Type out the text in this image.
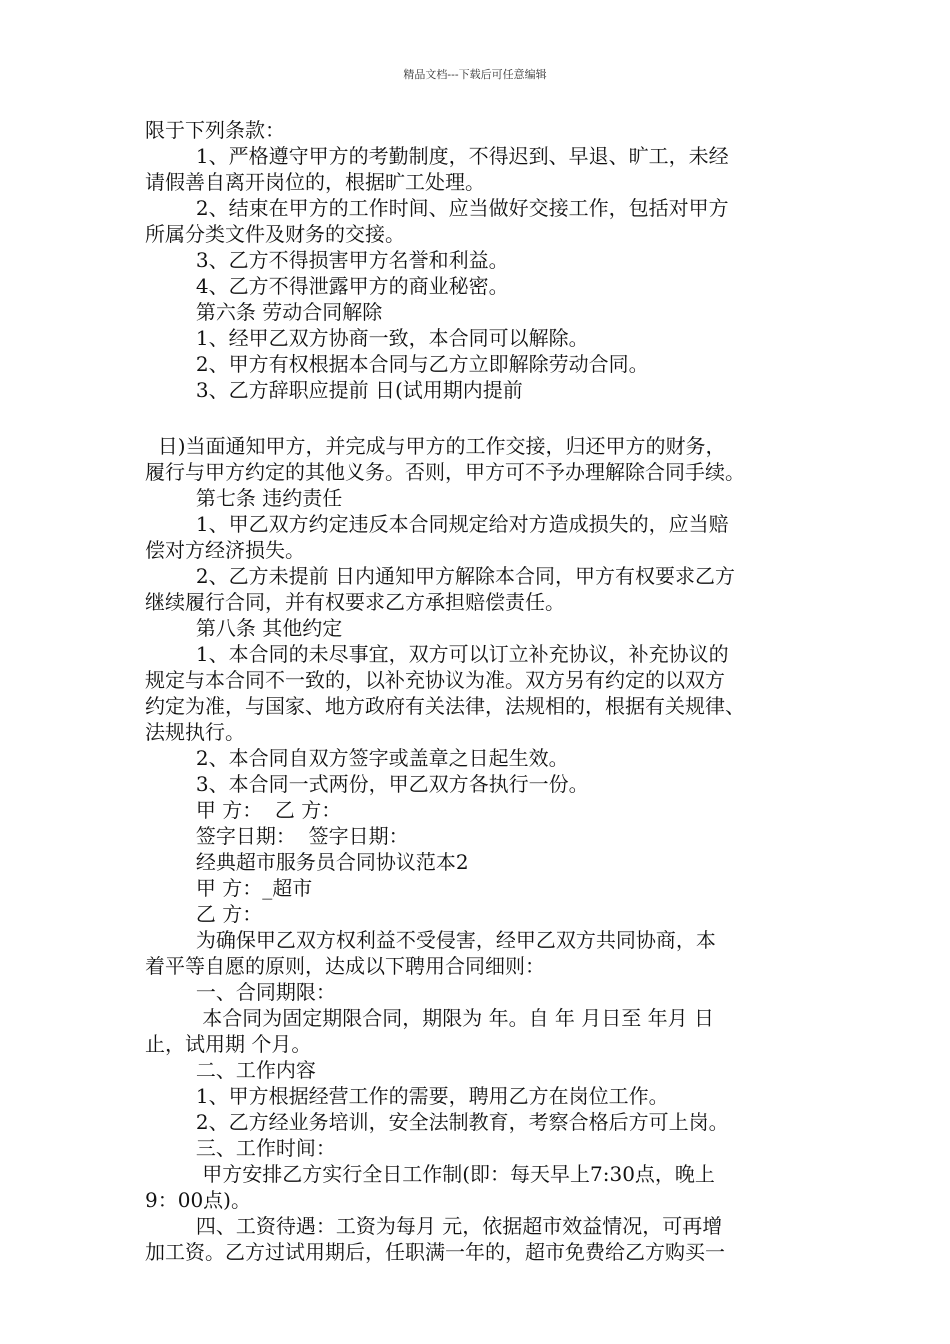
精品文档---下载后可任意编辑
限于下列条款：
1、严格遵守甲方的考勤制度，不得迟到、早退、旷工，未经
请假善自离开岗位的，根据旷工处理。
2、结束在甲方的工作时间、应当做好交接工作，包括对甲方
所属分类文件及财务的交接。
3、乙方不得损害甲方名誉和利益。
4、乙方不得泄露甲方的商业秘密。
第六条 劳动合同解除
1、经甲乙双方协商一致，本合同可以解除。
2、甲方有权根据本合同与乙方立即解除劳动合同。
3、乙方辞职应提前 日(试用期内提前
日)当面通知甲方，并完成与甲方的工作交接，归还甲方的财务，
履行与甲方约定的其他义务。否则，甲方可不予办理解除合同手续。
第七条 违约责任
1、甲乙双方约定违反本合同规定给对方造成损失的，应当赔
偿对方经济损失。
2、乙方未提前 日内通知甲方解除本合同，甲方有权要求乙方
继续履行合同，并有权要求乙方承担赔偿责任。
第八条 其他约定
1、本合同的未尽事宜，双方可以订立补充协议，补充协议的
规定与本合同不一致的，以补充协议为准。双方另有约定的以双方
约定为准，与国家、地方政府有关法律，法规相的，根据有关规律、
法规执行。
2、本合同自双方签字或盖章之日起生效。
3、本合同一式两份，甲乙双方各执行一份。
甲 方：  乙 方：
签字日期：  签字日期：
经典超市服务员合同协议范本2
甲 方：_超市
乙 方：
为确保甲乙双方权利益不受侵害，经甲乙双方共同协商，本
着平等自愿的原则，达成以下聘用合同细则：
一、合同期限：
本合同为固定期限合同，期限为 年。自 年 月日至 年月 日
止，试用期 个月。
二、工作内容
1、甲方根据经营工作的需要，聘用乙方在岗位工作。
2、乙方经业务培训，安全法制教育，考察合格后方可上岗。
三、工作时间：
甲方安排乙方实行全日工作制(即：每天早上7:30点，晚上
9：00点)。
四、工资待遇：工资为每月 元，依据超市效益情况，可再增
加工资。乙方过试用期后，任职满一年的，超市免费给乙方购买一
